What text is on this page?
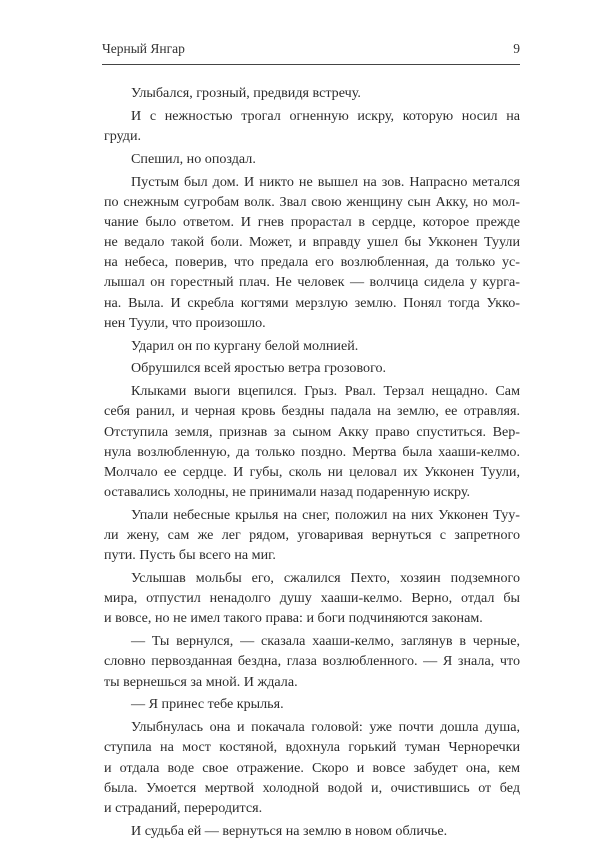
Черный Янгар	9
Улыбался, грозный, предвидя встречу.
И с нежностью трогал огненную искру, которую носил на
груди.
Спешил, но опоздал.
Пустым был дом. И никто не вышел на зов. Напрасно метался
по снежным сугробам волк. Звал свою женщину сын Акку, но мол-
чание было ответом. И гнев прорастал в сердце, которое прежде
не ведало такой боли. Может, и вправду ушел бы Укконен Туули
на небеса, поверив, что предала его возлюбленная, да только ус-
лышал он горестный плач. Не человек — волчица сидела у курга-
на. Выла. И скребла когтями мерзлую землю. Понял тогда Укко-
нен Туули, что произошло.
Ударил он по кургану белой молнией.
Обрушился всей яростью ветра грозового.
Клыками выоги вцепился. Грыз. Рвал. Терзал нещадно. Сам
себя ранил, и черная кровь бездны падала на землю, ее отравляя.
Отступила земля, признав за сыном Акку право спуститься. Вер-
нула возлюбленную, да только поздно. Мертва была хааши-келмо.
Молчало ее сердце. И губы, сколь ни целовал их Укконен Туули,
оставались холодны, не принимали назад подаренную искру.
Упали небесные крылья на снег, положил на них Укконен Туу-
ли жену, сам же лег рядом, уговаривая вернуться с запретного
пути. Пусть бы всего на миг.
Услышав мольбы его, сжалился Пехто, хозяин подземного
мира, отпустил ненадолго душу хааши-келмо. Верно, отдал бы
и вовсе, но не имел такого права: и боги подчиняются законам.
— Ты вернулся, — сказала хааши-келмо, заглянув в черные,
словно первозданная бездна, глаза возлюбленного. — Я знала, что
ты вернешься за мной. И ждала.
— Я принес тебе крылья.
Улыбнулась она и покачала головой: уже почти дошла душа,
ступила на мост костяной, вдохнула горький туман Черноречки
и отдала воде свое отражение. Скоро и вовсе забудет она, кем
была. Умоется мертвой холодной водой и, очистившись от бед
и страданий, переродится.
И судьба ей — вернуться на землю в новом обличье.
